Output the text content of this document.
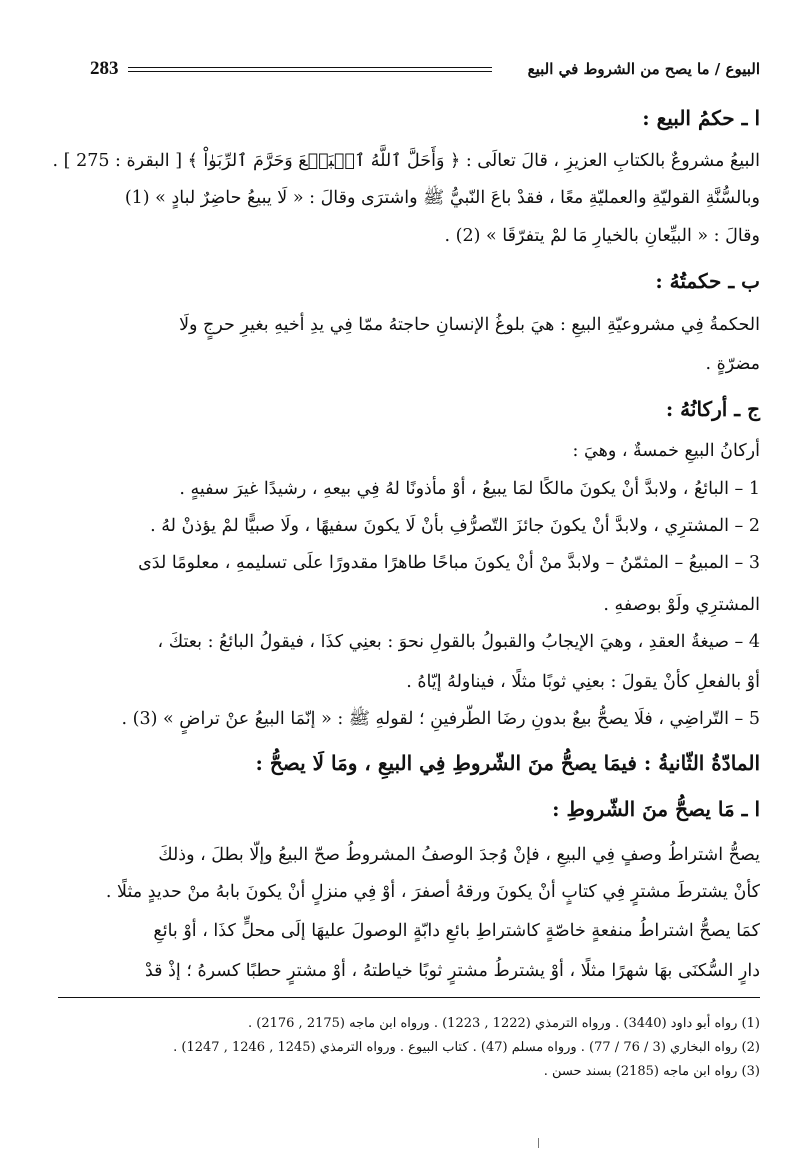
البيوع / ما يصح من الشروط في البيع
283
ا ـ حكمُ البيع :
البيعُ مشروعٌ بالكتابِ العزيزِ ، قالَ تعالَى : ﴿ وَأَحَلَّ ٱللَّهُ ٱلۡبَيۡعَ وَحَرَّمَ ٱلرِّبَوٰاْ ﴾ [ البقرة : 275 ] .
وبالسُّنَّةِ القوليّةِ والعمليّةِ معًا ، فقدْ باعَ النّبيُّ ﷺ واشترَى وقالَ : « لَا يبيعُ حاضِرٌ لبادٍ » (1)
وقالَ : « البيِّعانِ بالخيارِ مَا لمْ يتفرّقَا » (2) .
ب ـ حكمتُهُ :
الحكمةُ فِي مشروعيّةِ البيعِ : هيَ بلوغُ الإنسانِ حاجتهُ ممّا فِي يدِ أخيهِ بغيرِ حرجٍ ولَا
مضرّةٍ .
ج ـ أركانُهُ :
أركانُ البيعِ خمسةٌ ، وهيَ :
1 – البائعُ ، ولابدَّ أنْ يكونَ مالكًا لمَا يبيعُ ، أوْ مأذونًا لهُ فِي بيعهِ ، رشيدًا غيرَ سفيهٍ .
2 – المشترِي ، ولابدَّ أنْ يكونَ جائزَ التّصرُّفِ بأنْ لَا يكونَ سفيهًا ، ولَا صبيًّا لمْ يؤذنْ لهُ .
3 – المبيعُ – المثمّنُ – ولابدَّ منْ أنْ يكونَ مباحًا طاهرًا مقدورًا علَى تسليمهِ ، معلومًا لدَى
المشترِي ولَوْ بوصفهِ .
4 – صيغةُ العقدِ ، وهيَ الإيجابُ والقبولُ بالقولِ نحوَ : بعنِي كذَا ، فيقولُ البائعُ : بعتكَ ،
أوْ بالفعلِ كأنْ يقولَ : بعنِي ثوبًا مثلًا ، فيناولهُ إيّاهُ .
5 – التّراضِي ، فلَا يصحُّ بيعٌ بدونِ رضَا الطّرفينِ ؛ لقولهِ ﷺ : « إنّمَا البيعُ عنْ تراضٍ » (3) .
المادّةُ الثّانيةُ : فيمَا يصحُّ منَ الشّروطِ فِي البيعِ ، ومَا لَا يصحُّ :
ا ـ مَا يصحُّ منَ الشّروطِ :
يصحُّ اشتراطُ وصفٍ فِي البيعِ ، فإنْ وُجدَ الوصفُ المشروطُ صحّ البيعُ وإلّا بطلَ ، وذلكَ
كأنْ يشترطَ مشترٍ فِي كتابٍ أنْ يكونَ ورقهُ أصفرَ ، أوْ فِي منزلٍ أنْ يكونَ بابهُ منْ حديدٍ مثلًا .
كمَا يصحُّ اشتراطُ منفعةٍ خاصّةٍ كاشتراطِ بائعِ دابّةٍ الوصولَ عليهَا إلَى محلٍّ كذَا ، أوْ بائعِ
دارٍ السُّكنَى بهَا شهرًا مثلًا ، أوْ يشترطُ مشترٍ ثوبًا خياطتهُ ، أوْ مشترٍ حطبًا كسرهُ ؛ إذْ قدْ
(1) رواه أبو داود (3440) . ورواه الترمذي (1222 , 1223) . ورواه ابن ماجه (2175 , 2176) .
(2) رواه البخاري (3 / 76 / 77) . ورواه مسلم (47) . كتاب البيوع . ورواه الترمذي (1245 , 1246 , 1247) .
(3) رواه ابن ماجه (2185) بسند حسن .
